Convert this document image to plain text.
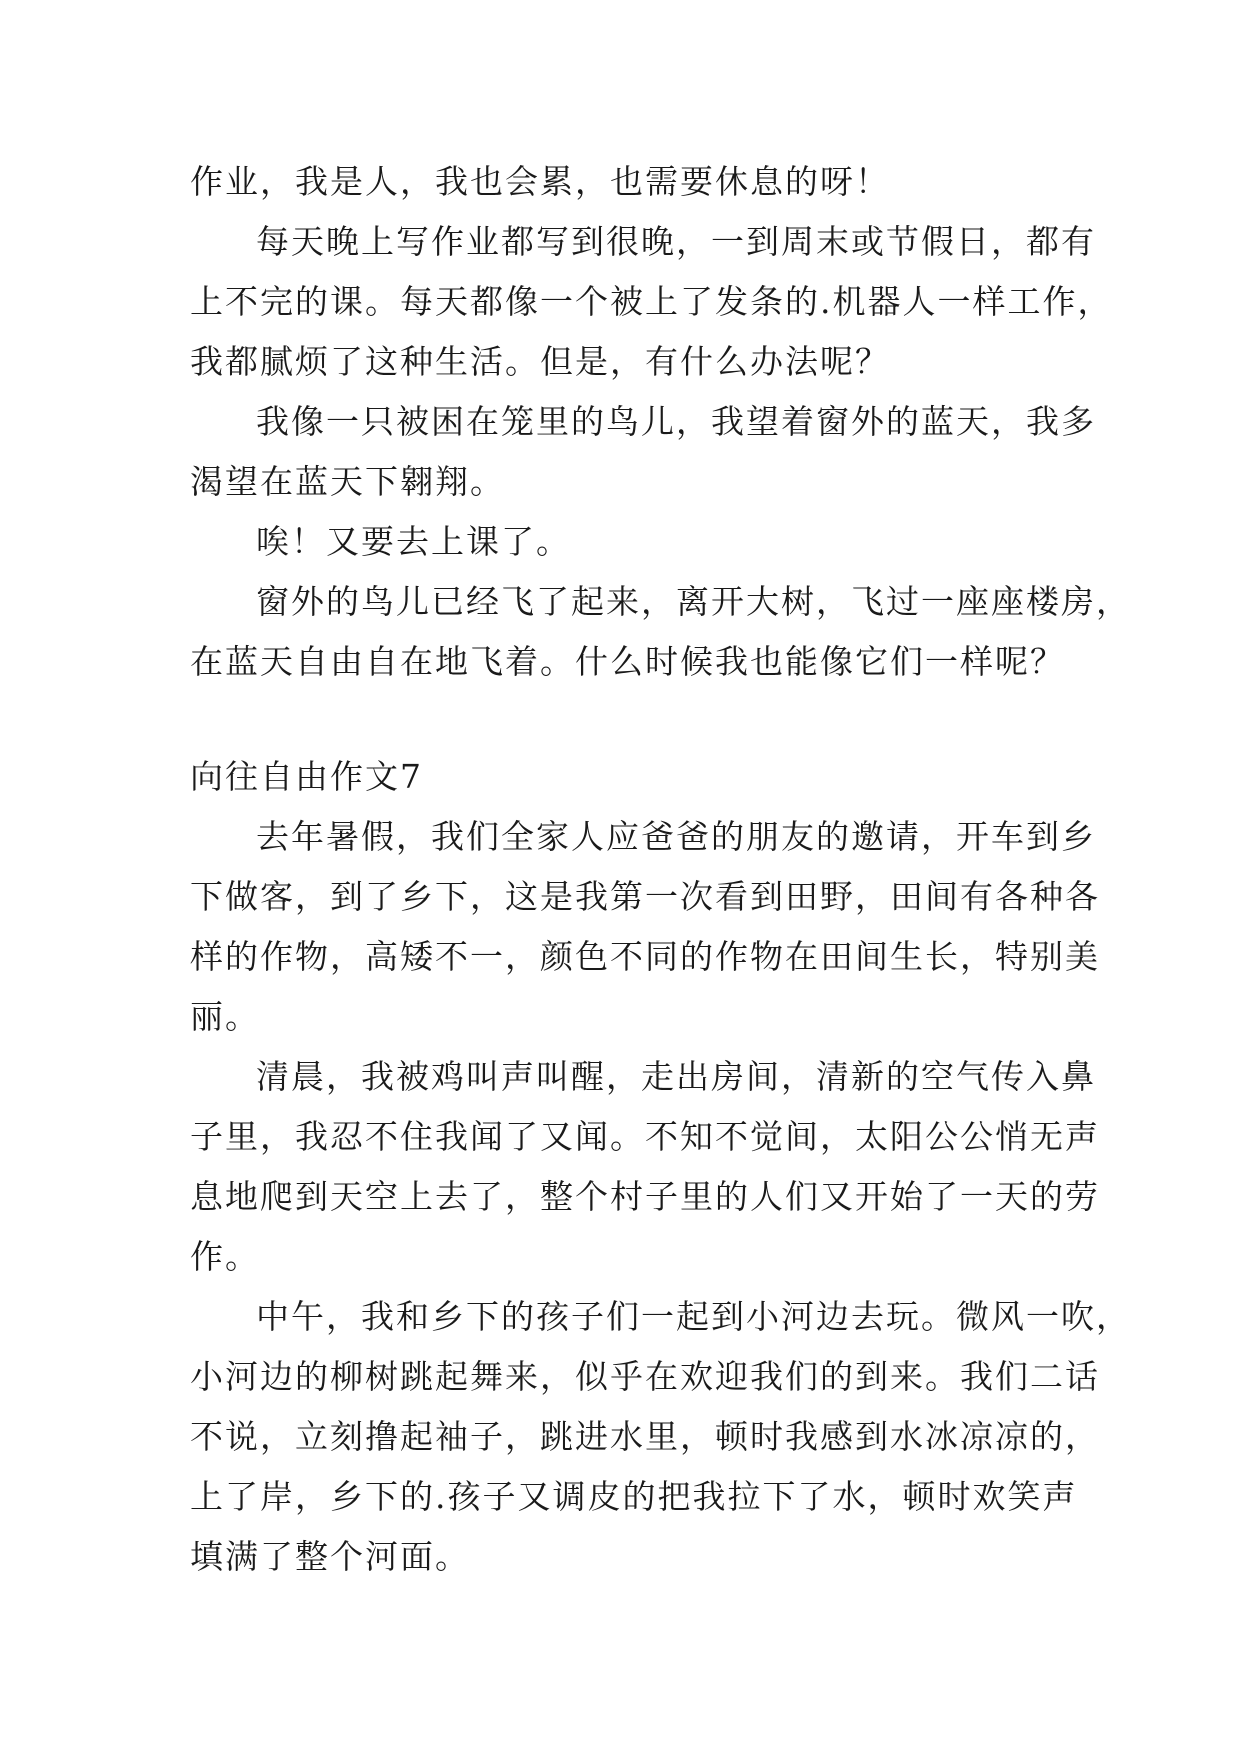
作业，我是人，我也会累，也需要休息的呀！

每天晚上写作业都写到很晚，一到周末或节假日，都有

上不完的课。每天都像一个被上了发条的.机器人一样工作，

我都腻烦了这种生活。但是，有什么办法呢？

我像一只被困在笼里的鸟儿，我望着窗外的蓝天，我多

渴望在蓝天下翱翔。

唉！又要去上课了。

窗外的鸟儿已经飞了起来，离开大树，飞过一座座楼房，

在蓝天自由自在地飞着。什么时候我也能像它们一样呢？

向往自由作文7

去年暑假，我们全家人应爸爸的朋友的邀请，开车到乡

下做客，到了乡下，这是我第一次看到田野，田间有各种各

样的作物，高矮不一，颜色不同的作物在田间生长，特别美

丽。

清晨，我被鸡叫声叫醒，走出房间，清新的空气传入鼻

子里，我忍不住我闻了又闻。不知不觉间，太阳公公悄无声

息地爬到天空上去了，整个村子里的人们又开始了一天的劳

作。

中午，我和乡下的孩子们一起到小河边去玩。微风一吹，

小河边的柳树跳起舞来，似乎在欢迎我们的到来。我们二话

不说，立刻撸起袖子，跳进水里，顿时我感到水冰凉凉的，

上了岸，乡下的.孩子又调皮的把我拉下了水，顿时欢笑声

填满了整个河面。
